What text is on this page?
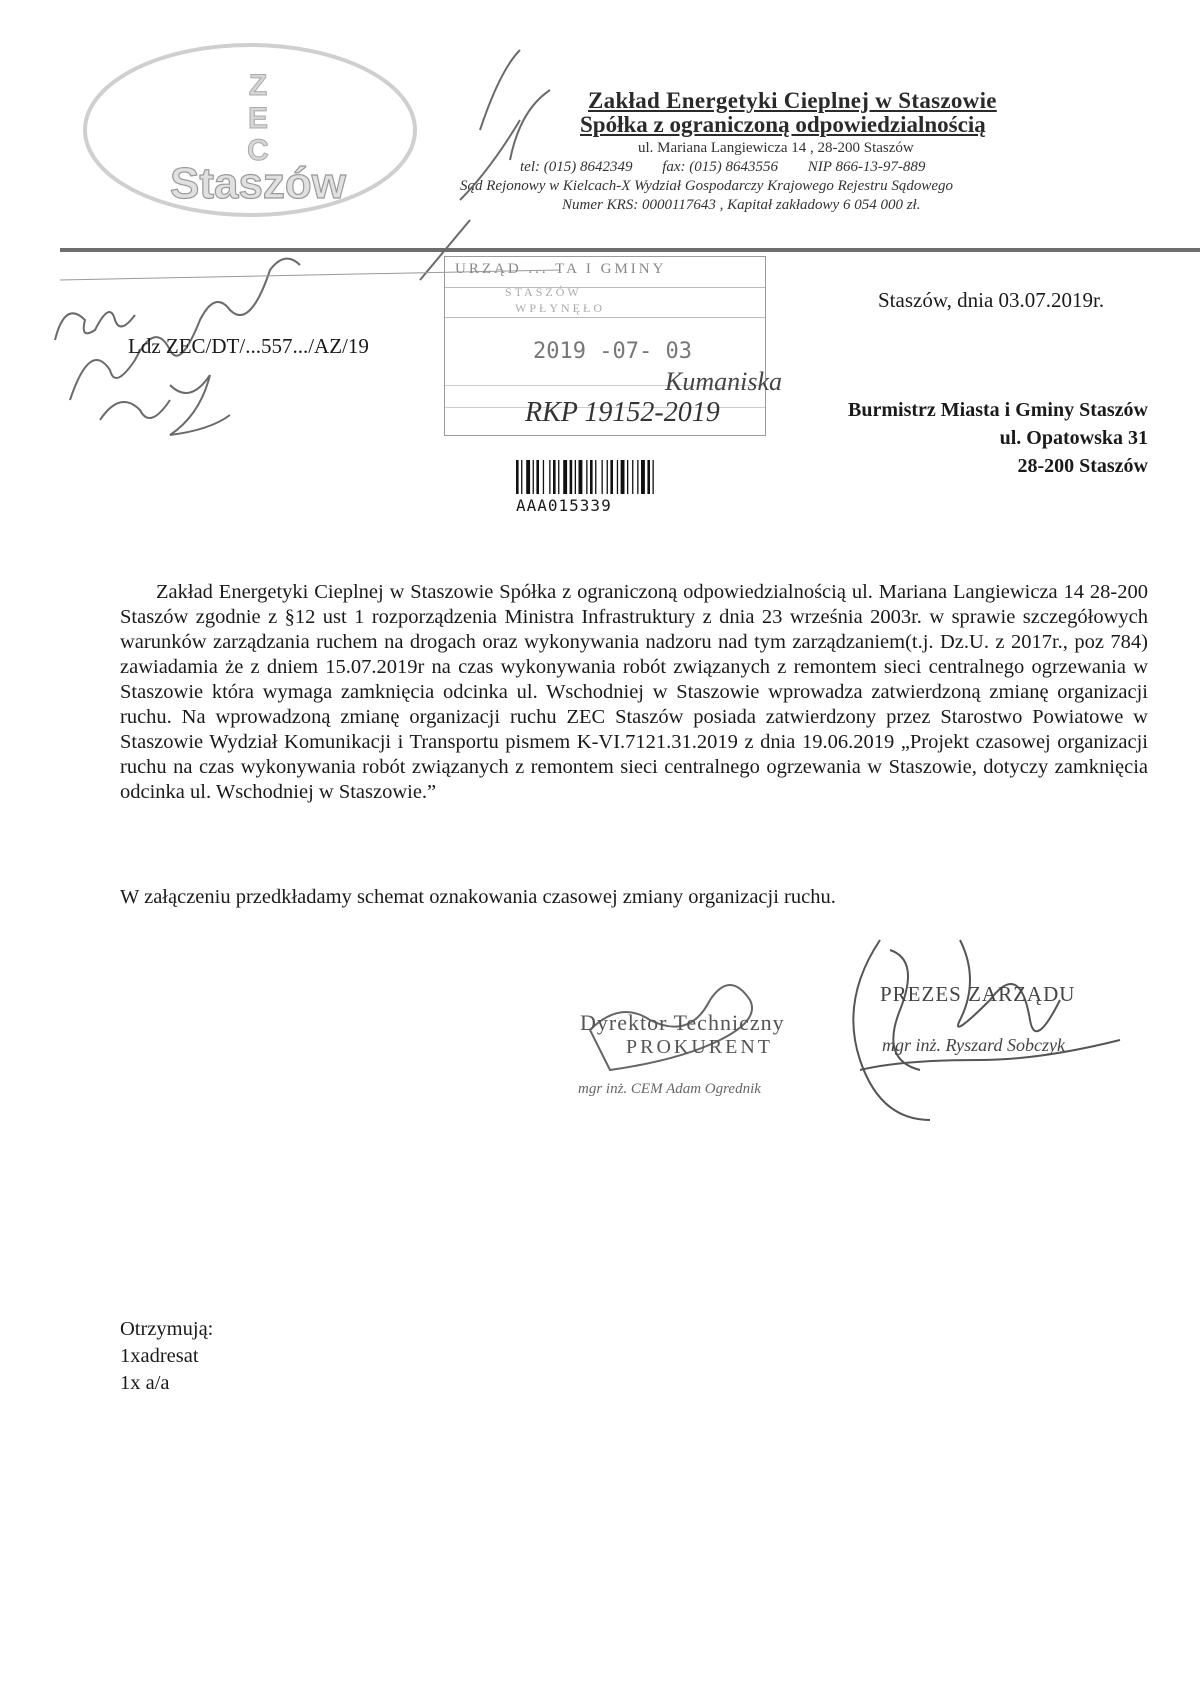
Z
E
C
Staszów
Zakład Energetyki Cieplnej w Staszowie
Spółka z ograniczoną odpowiedzialnością
ul. Mariana Langiewicza 14 , 28-200 Staszów
tel: (015) 8642349 fax: (015) 8643556 NIP 866-13-97-889
Sąd Rejonowy w Kielcach-X Wydział Gospodarczy Krajowego Rejestru Sądowego
Numer KRS: 0000117643 , Kapitał zakładowy 6 054 000 zł.
Staszów, dnia 03.07.2019r.
Ldz ZEC/DT/...557.../AZ/19
URZĄD ... TA I GMINY
STASZÓW
WPŁYNĘŁO
2019 -07- 03
Kumaniska
RKP 19152-2019
AAA015339
Burmistrz Miasta i Gminy Staszów
ul. Opatowska 31
28-200 Staszów

Zakład Energetyki Cieplnej w Staszowie Spółka z ograniczoną odpowiedzialnością ul. Mariana Langiewicza 14 28-200 Staszów zgodnie z §12 ust 1 rozporządzenia Ministra Infrastruktury z dnia 23 września 2003r. w sprawie szczegółowych warunków zarządzania ruchem na drogach oraz wykonywania nadzoru nad tym zarządzaniem(t.j. Dz.U. z 2017r., poz 784) zawiadamia że z dniem 15.07.2019r na czas wykonywania robót związanych z remontem sieci centralnego ogrzewania w Staszowie która wymaga zamknięcia odcinka ul. Wschodniej w Staszowie wprowadza zatwierdzoną zmianę organizacji ruchu. Na wprowadzoną zmianę organizacji ruchu ZEC Staszów posiada zatwierdzony przez Starostwo Powiatowe w Staszowie Wydział Komunikacji i Transportu pismem K-VI.7121.31.2019 z dnia 19.06.2019 „Projekt czasowej organizacji ruchu na czas wykonywania robót związanych z remontem sieci centralnego ogrzewania w Staszowie, dotyczy zamknięcia odcinka ul. Wschodniej w Staszowie.”

W załączeniu przedkładamy schemat oznakowania czasowej zmiany organizacji ruchu.
Dyrektor Techniczny
PROKURENT
mgr inż. CEM Adam Ogrednik
PREZES ZARZĄDU
mgr inż. Ryszard Sobczyk
Otrzymują:
1xadresat
1x a/a
